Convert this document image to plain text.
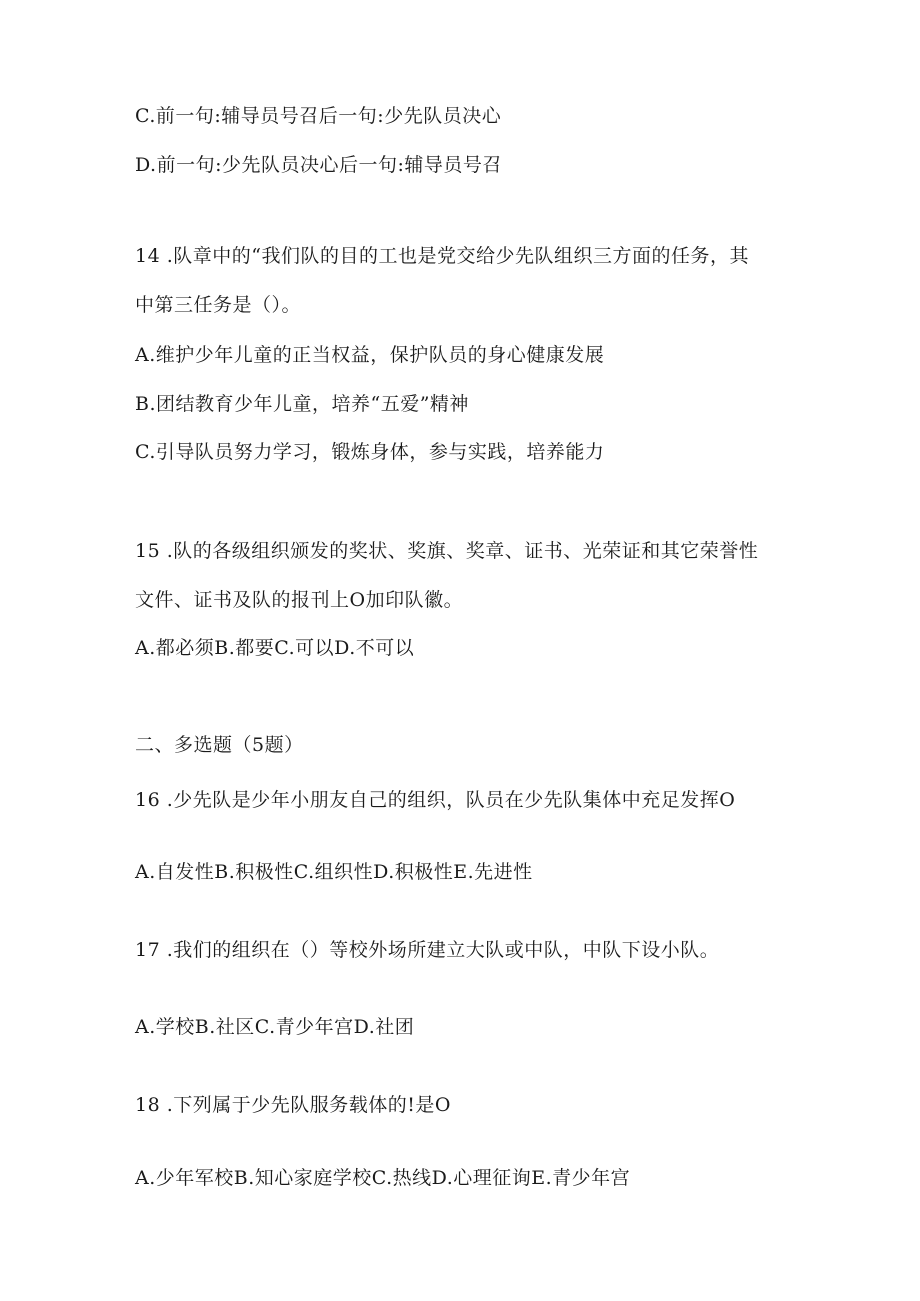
C.前一句:辅导员号召后一句:少先队员决心
D.前一句:少先队员决心后一句:辅导员号召
14 .队章中的“我们队的目的工也是党交给少先队组织三方面的任务，其
中第三任务是（）。
A.维护少年儿童的正当权益，保护队员的身心健康发展
B.团结教育少年儿童，培养“五爱”精神
C.引导队员努力学习，锻炼身体，参与实践，培养能力
15 .队的各级组织颁发的奖状、奖旗、奖章、证书、光荣证和其它荣誉性
文件、证书及队的报刊上O加印队徽。
A.都必须B.都要C.可以D.不可以
二、多选题（5题）
16 .少先队是少年小朋友自己的组织，队员在少先队集体中充足发挥O
A.自发性B.积极性C.组织性D.积极性E.先进性
17 .我们的组织在（）等校外场所建立大队或中队，中队下设小队。
A.学校B.社区C.青少年宫D.社团
18 .下列属于少先队服务载体的!是O
A.少年军校B.知心家庭学校C.热线D.心理征询E.青少年宫
